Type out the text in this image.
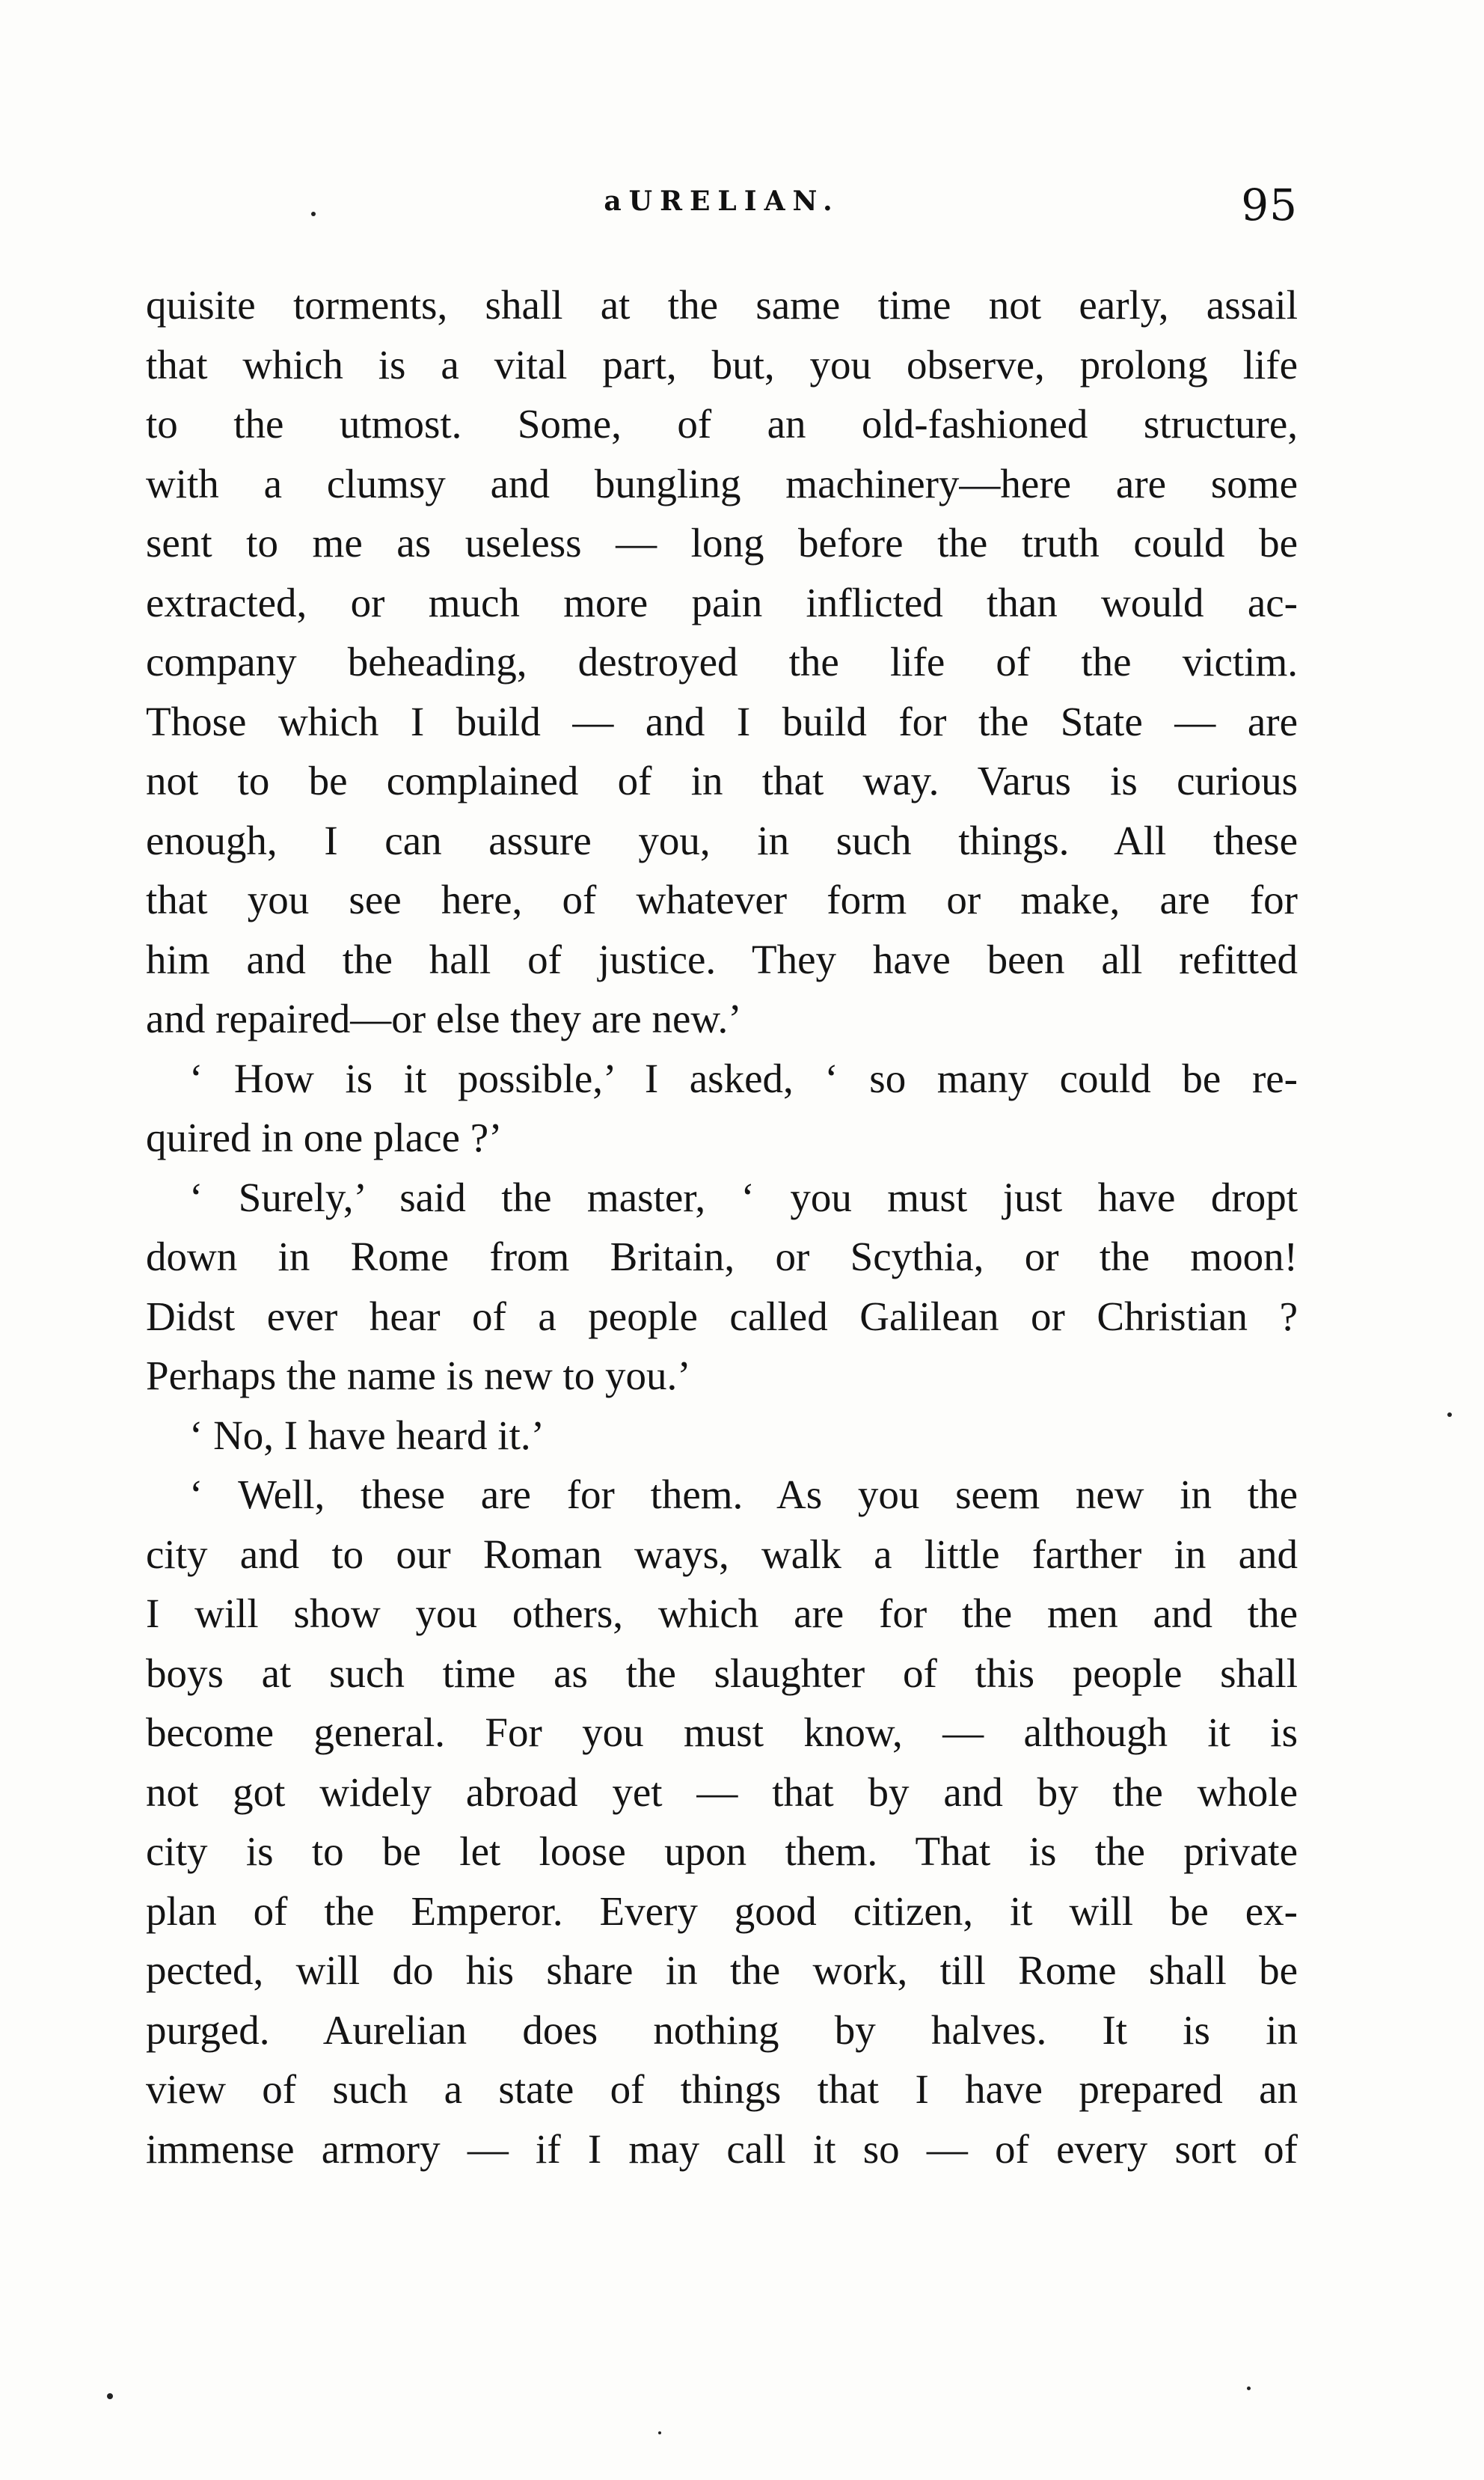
аURELΙAN.	95
quisite torments, shall at the same time not early, assail
that which is a vital part, but, you observe, prolong life
to the utmost. Some, of an old-fashioned structure,
with a clumsy and bungling machinery—here are some
sent to me as useless — long before the truth could be
extracted, or much more pain inflicted than would ac-
company beheading, destroyed the life of the victim.
Those which I build — and I build for the State — are
not to be complained of in that way. Varus is curious
enough, I can assure you, in such things. All these
that you see here, of whatever form or make, are for
him and the hall of justice. They have been all refitted
and repaired—or else they are new.’
‘ How is it possible,’ I asked, ‘ so many could be re-
quired in one place ?’
‘ Surely,’ said the master, ‘ you must just have dropt
down in Rome from Britain, or Scythia, or the moon!
Didst ever hear of a people called Galilean or Christian ?
Perhaps the name is new to you.’
‘ No, I have heard it.’
‘ Well, these are for them. As you seem new in the
city and to our Roman ways, walk a little farther in and
I will show you others, which are for the men and the
boys at such time as the slaughter of this people shall
become general. For you must know, — although it is
not got widely abroad yet — that by and by the whole
city is to be let loose upon them. That is the private
plan of the Emperor. Every good citizen, it will be ex-
pected, will do his share in the work, till Rome shall be
purged. Aurelian does nothing by halves. It is in
view of such a state of things that I have prepared an
immense armory — if I may call it so — of every sort of
